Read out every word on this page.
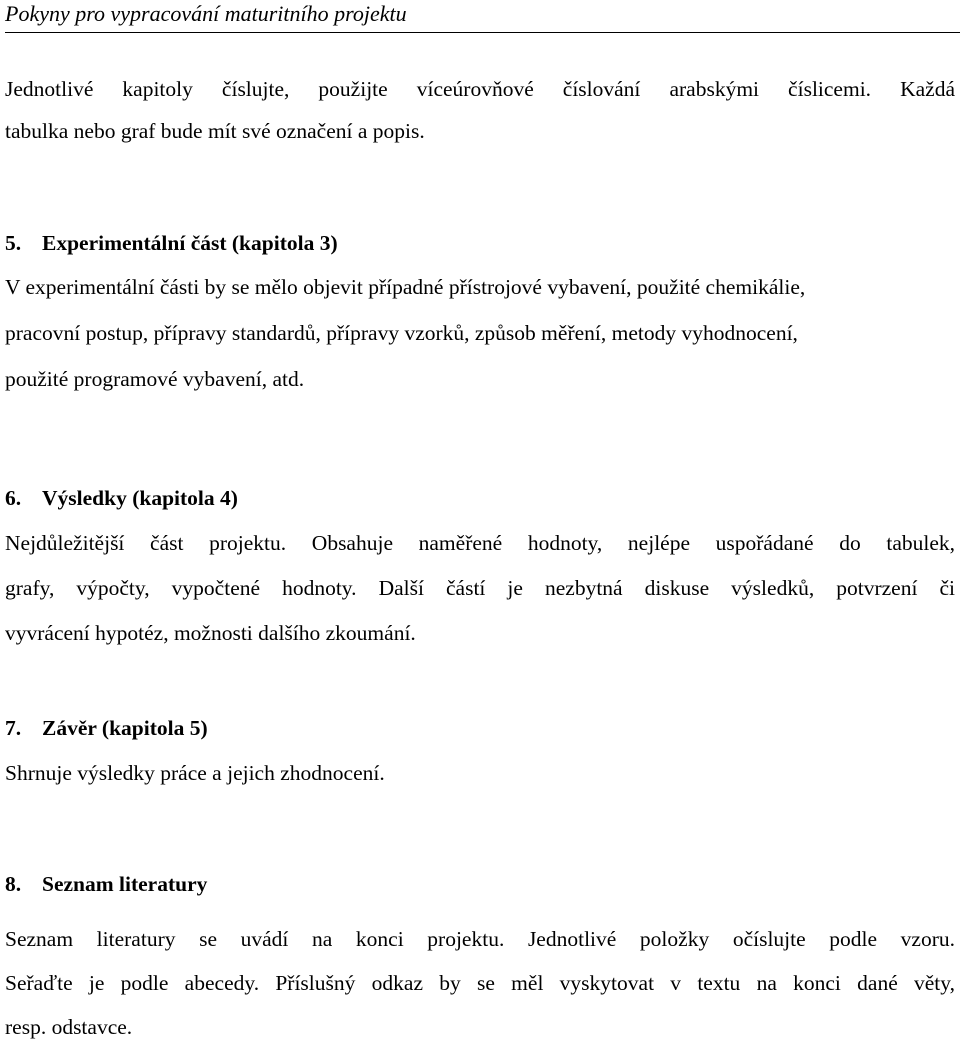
Pokyny pro vypracování maturitního projektu
Jednotlivé kapitoly číslujte, použijte víceúrovňové číslování arabskými číslicemi. Každá
tabulka nebo graf bude mít své označení a popis.
5. Experimentální část (kapitola 3)
V experimentální části by se mělo objevit případné přístrojové vybavení, použité chemikálie,
pracovní postup, přípravy standardů, přípravy vzorků, způsob měření, metody vyhodnocení,
použité programové vybavení, atd.
6. Výsledky (kapitola 4)
Nejdůležitější část projektu. Obsahuje naměřené hodnoty, nejlépe uspořádané do tabulek,
grafy, výpočty, vypočtené hodnoty. Další částí je nezbytná diskuse výsledků, potvrzení či
vyvrácení hypotéz, možnosti dalšího zkoumání.
7. Závěr (kapitola 5)
Shrnuje výsledky práce a jejich zhodnocení.
8. Seznam literatury
Seznam literatury se uvádí na konci projektu. Jednotlivé položky očíslujte podle vzoru.
Seřaďte je podle abecedy. Příslušný odkaz by se měl vyskytovat v textu na konci dané věty,
resp. odstavce.
